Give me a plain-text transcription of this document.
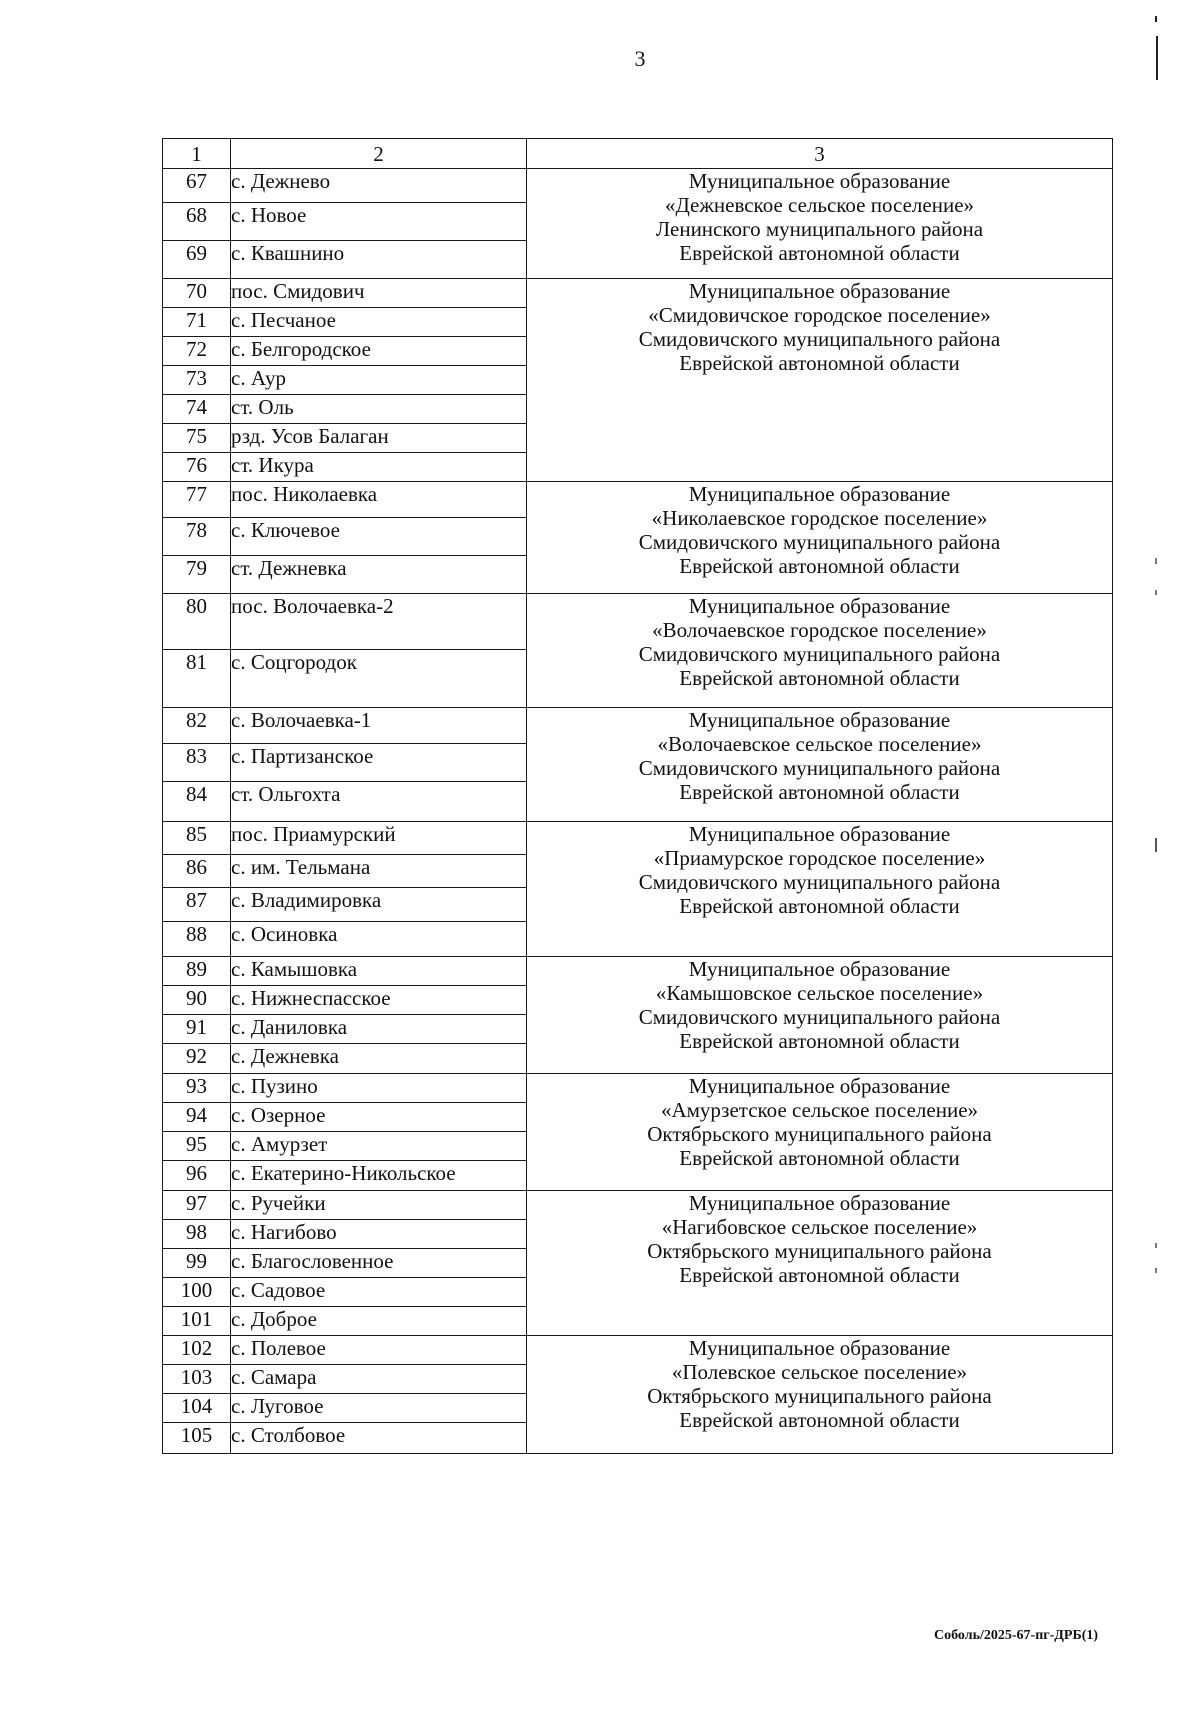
3
1	2	3
67	с. Дежнево	Муниципальное образование
«Дежневское сельское поселение»
Ленинского муниципального района
Еврейской автономной области

68	с. Новое	
69	с. Квашнино	
70	пос. Смидович	Муниципальное образование
«Смидовичское городское поселение»
Смидовичского муниципального района
Еврейской автономной области

71	с. Песчаное	
72	с. Белгородское	
73	с. Аур	
74	ст. Оль	
75	рзд. Усов Балаган	
76	ст. Икура	
77	пос. Николаевка	Муниципальное образование
«Николаевское городское поселение»
Смидовичского муниципального района
Еврейской автономной области

78	с. Ключевое	
79	ст. Дежневка	
80	пос. Волочаевка-2	Муниципальное образование
«Волочаевское городское поселение»
Смидовичского муниципального района
Еврейской автономной области

81	с. Соцгородок	
82	с. Волочаевка-1	Муниципальное образование
«Волочаевское сельское поселение»
Смидовичского муниципального района
Еврейской автономной области

83	с. Партизанское	
84	ст. Ольгохта	
85	пос. Приамурский	Муниципальное образование
«Приамурское городское поселение»
Смидовичского муниципального района
Еврейской автономной области

86	с. им. Тельмана	
87	с. Владимировка	
88	с. Осиновка	
89	с. Камышовка	Муниципальное образование
«Камышовское сельское поселение»
Смидовичского муниципального района
Еврейской автономной области

90	с. Нижнеспасское	
91	с. Даниловка	
92	с. Дежневка	
93	с. Пузино	Муниципальное образование
«Амурзетское сельское поселение»
Октябрьского муниципального района
Еврейской автономной области

94	с. Озерное	
95	с. Амурзет	
96	с. Екатерино-Никольское	
97	с. Ручейки	Муниципальное образование
«Нагибовское сельское поселение»
Октябрьского муниципального района
Еврейской автономной области

98	с. Нагибово	
99	с. Благословенное	
100	с. Садовое	
101	с. Доброе	
102	с. Полевое	Муниципальное образование
«Полевское сельское поселение»
Октябрьского муниципального района
Еврейской автономной области

103	с. Самара	
104	с. Луговое	
105	с. Столбовое	
Соболь/2025-67-пг-ДРБ(1)
